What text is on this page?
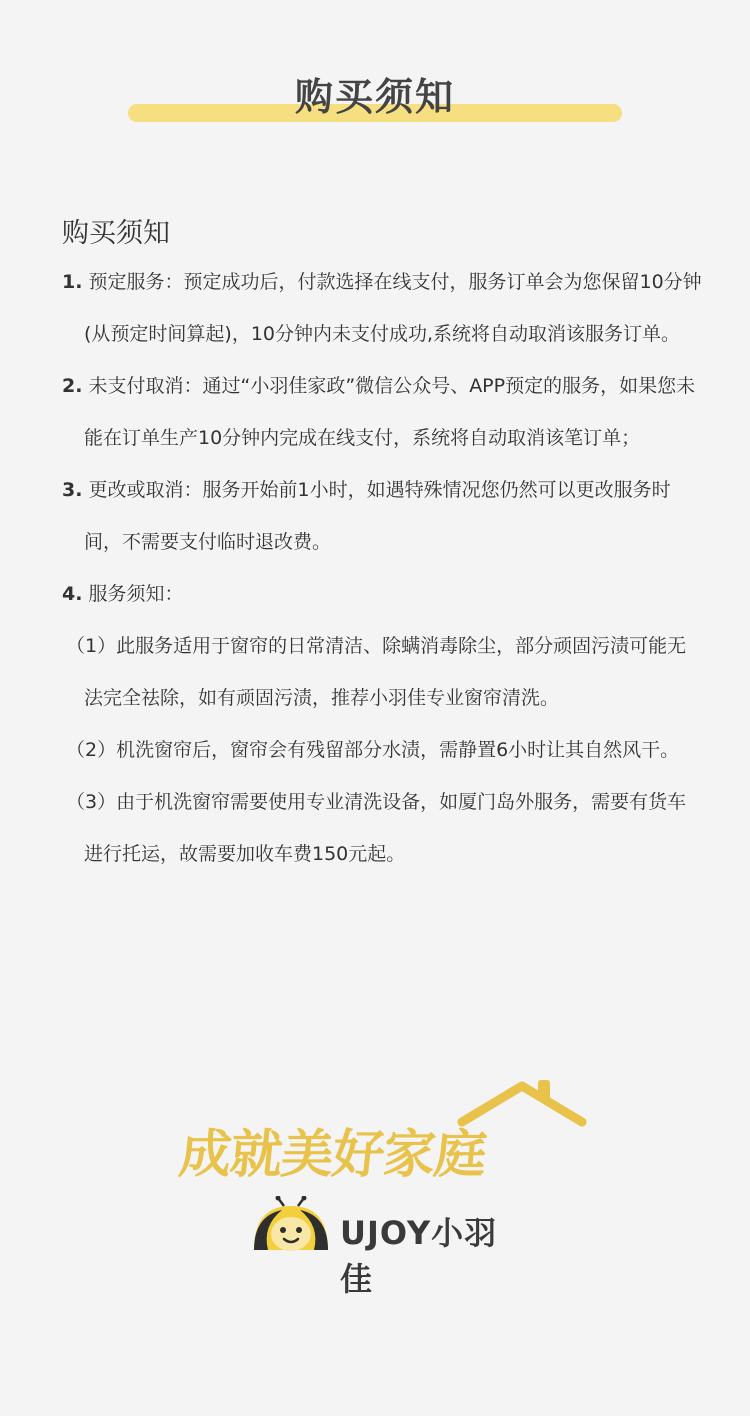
购买须知

购买须知

1. 预定服务：预定成功后，付款选择在线支付，服务订单会为您保留10分钟(从预定时间算起)，10分钟内未支付成功,系统将自动取消该服务订单。

2. 未支付取消：通过“小羽佳家政”微信公众号、APP预定的服务，如果您未能在订单生产10分钟内完成在线支付，系统将自动取消该笔订单；

3. 更改或取消：服务开始前1小时，如遇特殊情况您仍然可以更改服务时间，不需要支付临时退改费。

4. 服务须知：

（1）此服务适用于窗帘的日常清洁、除螨消毒除尘，部分顽固污渍可能无法完全祛除，如有顽固污渍，推荐小羽佳专业窗帘清洗。

（2）机洗窗帘后，窗帘会有残留部分水渍，需静置6小时让其自然风干。

（3）由于机洗窗帘需要使用专业清洗设备，如厦门岛外服务，需要有货车进行托运，故需要加收车费150元起。

成就美好家庭
UJOY小羽佳
